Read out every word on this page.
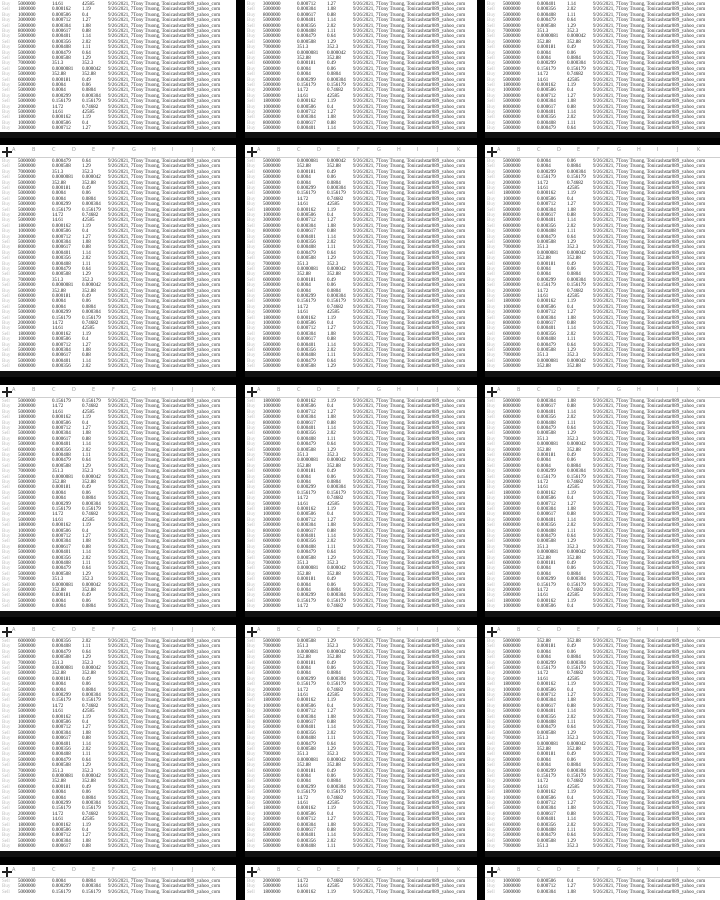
Buy 5000000	14.61	42585	9/26/2021, 7Tony Truong, Tonicashstar089_yahoo_com
Sell 1800000	0.000162 1.19	9/26/2021, 7Tony Truong, Tonicashstar089_yahoo_com
Buy 1000000	0.000506 0.4	9/26/2021, 7Tony Truong, Tonicashstar089_yahoo_com
Buy 3000000	0.000712 1.27	9/26/2021, 7Tony Truong, Tonicashstar089_yahoo_com
Sell 5000000	0.000304 1.08	9/26/2021, 7Tony Truong, Tonicashstar089_yahoo_com
Buy 8000000	0.000617 0.88	9/26/2021, 7Tony Truong, Tonicashstar089_yahoo_com
Buy 5000000	0.000401 1.14	9/26/2021, 7Tony Truong, Tonicashstar089_yahoo_com
Sell 6000000	0.000356 2.02	9/26/2021, 7Tony Truong, Tonicashstar089_yahoo_com
Buy 5000000	0.000408 1.11	9/26/2021, 7Tony Truong, Tonicashstar089_yahoo_com
Buy 5000000	0.000479 0.64	9/26/2021, 7Tony Truong, Tonicashstar089_yahoo_com
Sell 5000000	0.000508 1.29	9/26/2021, 7Tony Truong, Tonicashstar089_yahoo_com
Buy 7000000	351.3	352.3	9/26/2021, 7Tony Truong, Tonicashstar089_yahoo_com
Sell 5000000	0.0000081 0.000042 9/26/2021, 7Tony Truong, Tonicashstar089_yahoo_com
Buy 5000000	352.88	352.88 9/26/2021, 7Tony Truong, Tonicashstar089_yahoo_com
Sell 6000000	0.000181 0.49	9/26/2021, 7Tony Truong, Tonicashstar089_yahoo_com
Buy 5000000	0.0004	0.06	9/26/2021, 7Tony Truong, Tonicashstar089_yahoo_com
Sell 5000000	0.0004	0.0804 9/26/2021, 7Tony Truong, Tonicashstar089_yahoo_com
Buy 5000000	0.000299 0.000304 9/26/2021, 7Tony Truong, Tonicashstar089_yahoo_com
Sell 5000000	0.156179 0.156179 9/26/2021, 7Tony Truong, Tonicashstar089_yahoo_com
Buy 2000000	14.72	0.74682 9/26/2021, 7Tony Truong, Tonicashstar089_yahoo_com
Buy 5000000	14.61	42585	9/26/2021, 7Tony Truong, Tonicashstar089_yahoo_com
Sell 1800000	0.000162 1.19	9/26/2021, 7Tony Truong, Tonicashstar089_yahoo_com
Buy 1000000	0.000506 0.4	9/26/2021, 7Tony Truong, Tonicashstar089_yahoo_com
Buy 3000000	0.000712 1.27	9/26/2021, 7Tony Truong, Tonicashstar089_yahoo_com
Buy 3000000	0.000712 1.27	9/26/2021, 7Tony Truong, Tonicashstar089_yahoo_com
Sell 5000000	0.000304 1.08	9/26/2021, 7Tony Truong, Tonicashstar089_yahoo_com
Buy 8000000	0.000617 0.88	9/26/2021, 7Tony Truong, Tonicashstar089_yahoo_com
Buy 5000000	0.000401 1.14	9/26/2021, 7Tony Truong, Tonicashstar089_yahoo_com
Sell 6000000	0.000356 2.02	9/26/2021, 7Tony Truong, Tonicashstar089_yahoo_com
Buy 5000000	0.000408 1.11	9/26/2021, 7Tony Truong, Tonicashstar089_yahoo_com
Buy 5000000	0.000479 0.64	9/26/2021, 7Tony Truong, Tonicashstar089_yahoo_com
Sell 5000000	0.000508 1.29	9/26/2021, 7Tony Truong, Tonicashstar089_yahoo_com
Buy 7000000	351.3	352.3	9/26/2021, 7Tony Truong, Tonicashstar089_yahoo_com
Sell 5000000	0.0000081 0.000042 9/26/2021, 7Tony Truong, Tonicashstar089_yahoo_com
Buy 5000000	352.88	352.88 9/26/2021, 7Tony Truong, Tonicashstar089_yahoo_com
Sell 6000000	0.000181 0.49	9/26/2021, 7Tony Truong, Tonicashstar089_yahoo_com
Buy 5000000	0.0004	0.06	9/26/2021, 7Tony Truong, Tonicashstar089_yahoo_com
Sell 5000000	0.0004	0.0804 9/26/2021, 7Tony Truong, Tonicashstar089_yahoo_com
Buy 5000000	0.000299 0.000304 9/26/2021, 7Tony Truong, Tonicashstar089_yahoo_com
Sell 5000000	0.156179 0.156179 9/26/2021, 7Tony Truong, Tonicashstar089_yahoo_com
Buy 2000000	14.72	0.74682 9/26/2021, 7Tony Truong, Tonicashstar089_yahoo_com
Buy 5000000	14.61	42585	9/26/2021, 7Tony Truong, Tonicashstar089_yahoo_com
Sell 1800000	0.000162 1.19	9/26/2021, 7Tony Truong, Tonicashstar089_yahoo_com
Buy 1000000	0.000506 0.4	9/26/2021, 7Tony Truong, Tonicashstar089_yahoo_com
Buy 3000000	0.000712 1.27	9/26/2021, 7Tony Truong, Tonicashstar089_yahoo_com
Sell 5000000	0.000304 1.08	9/26/2021, 7Tony Truong, Tonicashstar089_yahoo_com
Buy 8000000	0.000617 0.88	9/26/2021, 7Tony Truong, Tonicashstar089_yahoo_com
Buy 5000000	0.000401 1.14	9/26/2021, 7Tony Truong, Tonicashstar089_yahoo_com
Buy 5000000	0.000401 1.14	9/26/2021, 7Tony Truong, Tonicashstar089_yahoo_com
Sell 6000000	0.000356 2.02	9/26/2021, 7Tony Truong, Tonicashstar089_yahoo_com
Buy 5000000	0.000408 1.11	9/26/2021, 7Tony Truong, Tonicashstar089_yahoo_com
Buy 5000000	0.000479 0.64	9/26/2021, 7Tony Truong, Tonicashstar089_yahoo_com
Sell 5000000	0.000508 1.29	9/26/2021, 7Tony Truong, Tonicashstar089_yahoo_com
Buy 7000000	351.3	352.3	9/26/2021, 7Tony Truong, Tonicashstar089_yahoo_com
Sell 5000000	0.0000081 0.000042 9/26/2021, 7Tony Truong, Tonicashstar089_yahoo_com
Buy 5000000	352.88	352.88 9/26/2021, 7Tony Truong, Tonicashstar089_yahoo_com
Sell 6000000	0.000181 0.49	9/26/2021, 7Tony Truong, Tonicashstar089_yahoo_com
Buy 5000000	0.0004	0.06	9/26/2021, 7Tony Truong, Tonicashstar089_yahoo_com
Sell 5000000	0.0004	0.0804 9/26/2021, 7Tony Truong, Tonicashstar089_yahoo_com
Buy 5000000	0.000299 0.000304 9/26/2021, 7Tony Truong, Tonicashstar089_yahoo_com
Sell 5000000	0.156179 0.156179 9/26/2021, 7Tony Truong, Tonicashstar089_yahoo_com
Buy 2000000	14.72	0.74682 9/26/2021, 7Tony Truong, Tonicashstar089_yahoo_com
Buy 5000000	14.61	42585	9/26/2021, 7Tony Truong, Tonicashstar089_yahoo_com
Sell 1800000	0.000162 1.19	9/26/2021, 7Tony Truong, Tonicashstar089_yahoo_com
Buy 1000000	0.000506 0.4	9/26/2021, 7Tony Truong, Tonicashstar089_yahoo_com
Buy 3000000	0.000712 1.27	9/26/2021, 7Tony Truong, Tonicashstar089_yahoo_com
Sell 5000000	0.000304 1.08	9/26/2021, 7Tony Truong, Tonicashstar089_yahoo_com
Buy 8000000	0.000617 0.88	9/26/2021, 7Tony Truong, Tonicashstar089_yahoo_com
Buy 5000000	0.000401 1.14	9/26/2021, 7Tony Truong, Tonicashstar089_yahoo_com
Sell 6000000	0.000356 2.02	9/26/2021, 7Tony Truong, Tonicashstar089_yahoo_com
Buy 5000000	0.000408 1.11	9/26/2021, 7Tony Truong, Tonicashstar089_yahoo_com
Buy 5000000	0.000479 0.64	9/26/2021, 7Tony Truong, Tonicashstar089_yahoo_com
A	B	C	D	E	F	G	H	I	J	K
Buy 5000000	0.000479 0.64	9/26/2021, 7Tony Truong, Tonicashstar089_yahoo_com
Sell 5000000	0.000508 1.29	9/26/2021, 7Tony Truong, Tonicashstar089_yahoo_com
Buy 7000000	351.3	352.3	9/26/2021, 7Tony Truong, Tonicashstar089_yahoo_com
Sell 5000000	0.0000081 0.000042 9/26/2021, 7Tony Truong, Tonicashstar089_yahoo_com
Buy 5000000	352.88	352.88 9/26/2021, 7Tony Truong, Tonicashstar089_yahoo_com
Sell 6000000	0.000181 0.49	9/26/2021, 7Tony Truong, Tonicashstar089_yahoo_com
Buy 5000000	0.0004	0.06	9/26/2021, 7Tony Truong, Tonicashstar089_yahoo_com
Sell 5000000	0.0004	0.0804 9/26/2021, 7Tony Truong, Tonicashstar089_yahoo_com
Buy 5000000	0.000299 0.000304 9/26/2021, 7Tony Truong, Tonicashstar089_yahoo_com
Sell 5000000	0.156179 0.156179 9/26/2021, 7Tony Truong, Tonicashstar089_yahoo_com
Buy 2000000	14.72	0.74682 9/26/2021, 7Tony Truong, Tonicashstar089_yahoo_com
Buy 5000000	14.61	42585	9/26/2021, 7Tony Truong, Tonicashstar089_yahoo_com
Sell 1800000	0.000162 1.19	9/26/2021, 7Tony Truong, Tonicashstar089_yahoo_com
Buy 1000000	0.000506 0.4	9/26/2021, 7Tony Truong, Tonicashstar089_yahoo_com
Buy 3000000	0.000712 1.27	9/26/2021, 7Tony Truong, Tonicashstar089_yahoo_com
Sell 5000000	0.000304 1.08	9/26/2021, 7Tony Truong, Tonicashstar089_yahoo_com
Buy 8000000	0.000617 0.88	9/26/2021, 7Tony Truong, Tonicashstar089_yahoo_com
Buy 5000000	0.000401 1.14	9/26/2021, 7Tony Truong, Tonicashstar089_yahoo_com
Sell 6000000	0.000356 2.02	9/26/2021, 7Tony Truong, Tonicashstar089_yahoo_com
Buy 5000000	0.000408 1.11	9/26/2021, 7Tony Truong, Tonicashstar089_yahoo_com
Buy 5000000	0.000479 0.64	9/26/2021, 7Tony Truong, Tonicashstar089_yahoo_com
Sell 5000000	0.000508 1.29	9/26/2021, 7Tony Truong, Tonicashstar089_yahoo_com
Buy 7000000	351.3	352.3	9/26/2021, 7Tony Truong, Tonicashstar089_yahoo_com
Sell 5000000	0.0000081 0.000042 9/26/2021, 7Tony Truong, Tonicashstar089_yahoo_com
Buy 5000000	352.88	352.88 9/26/2021, 7Tony Truong, Tonicashstar089_yahoo_com
Sell 6000000	0.000181 0.49	9/26/2021, 7Tony Truong, Tonicashstar089_yahoo_com
Buy 5000000	0.0004	0.06	9/26/2021, 7Tony Truong, Tonicashstar089_yahoo_com
Sell 5000000	0.0004	0.0804 9/26/2021, 7Tony Truong, Tonicashstar089_yahoo_com
Buy 5000000	0.000299 0.000304 9/26/2021, 7Tony Truong, Tonicashstar089_yahoo_com
Sell 5000000	0.156179 0.156179 9/26/2021, 7Tony Truong, Tonicashstar089_yahoo_com
Buy 2000000	14.72	0.74682 9/26/2021, 7Tony Truong, Tonicashstar089_yahoo_com
Buy 5000000	14.61	42585	9/26/2021, 7Tony Truong, Tonicashstar089_yahoo_com
Sell 1800000	0.000162 1.19	9/26/2021, 7Tony Truong, Tonicashstar089_yahoo_com
Buy 1000000	0.000506 0.4	9/26/2021, 7Tony Truong, Tonicashstar089_yahoo_com
Buy 3000000	0.000712 1.27	9/26/2021, 7Tony Truong, Tonicashstar089_yahoo_com
Sell 5000000	0.000304 1.08	9/26/2021, 7Tony Truong, Tonicashstar089_yahoo_com
Buy 8000000	0.000617 0.88	9/26/2021, 7Tony Truong, Tonicashstar089_yahoo_com
Buy 5000000	0.000401 1.14	9/26/2021, 7Tony Truong, Tonicashstar089_yahoo_com
Sell 6000000	0.000356 2.02	9/26/2021, 7Tony Truong, Tonicashstar089_yahoo_com
A	B	C	D	E	F	G	H	I	J	K
Sell 5000000	0.0000081 0.000042 9/26/2021, 7Tony Truong, Tonicashstar089_yahoo_com
Buy 5000000	352.88	352.88 9/26/2021, 7Tony Truong, Tonicashstar089_yahoo_com
Sell 6000000	0.000181 0.49	9/26/2021, 7Tony Truong, Tonicashstar089_yahoo_com
Buy 5000000	0.0004	0.06	9/26/2021, 7Tony Truong, Tonicashstar089_yahoo_com
Sell 5000000	0.0004	0.0804 9/26/2021, 7Tony Truong, Tonicashstar089_yahoo_com
Buy 5000000	0.000299 0.000304 9/26/2021, 7Tony Truong, Tonicashstar089_yahoo_com
Sell 5000000	0.156179 0.156179 9/26/2021, 7Tony Truong, Tonicashstar089_yahoo_com
Buy 2000000	14.72	0.74682 9/26/2021, 7Tony Truong, Tonicashstar089_yahoo_com
Buy 5000000	14.61	42585	9/26/2021, 7Tony Truong, Tonicashstar089_yahoo_com
Sell 1800000	0.000162 1.19	9/26/2021, 7Tony Truong, Tonicashstar089_yahoo_com
Buy 1000000	0.000506 0.4	9/26/2021, 7Tony Truong, Tonicashstar089_yahoo_com
Buy 3000000	0.000712 1.27	9/26/2021, 7Tony Truong, Tonicashstar089_yahoo_com
Sell 5000000	0.000304 1.08	9/26/2021, 7Tony Truong, Tonicashstar089_yahoo_com
Buy 8000000	0.000617 0.88	9/26/2021, 7Tony Truong, Tonicashstar089_yahoo_com
Buy 5000000	0.000401 1.14	9/26/2021, 7Tony Truong, Tonicashstar089_yahoo_com
Sell 6000000	0.000356 2.02	9/26/2021, 7Tony Truong, Tonicashstar089_yahoo_com
Buy 5000000	0.000408 1.11	9/26/2021, 7Tony Truong, Tonicashstar089_yahoo_com
Buy 5000000	0.000479 0.64	9/26/2021, 7Tony Truong, Tonicashstar089_yahoo_com
Sell 5000000	0.000508 1.29	9/26/2021, 7Tony Truong, Tonicashstar089_yahoo_com
Buy 7000000	351.3	352.3	9/26/2021, 7Tony Truong, Tonicashstar089_yahoo_com
Sell 5000000	0.0000081 0.000042 9/26/2021, 7Tony Truong, Tonicashstar089_yahoo_com
Buy 5000000	352.88	352.88 9/26/2021, 7Tony Truong, Tonicashstar089_yahoo_com
Sell 6000000	0.000181 0.49	9/26/2021, 7Tony Truong, Tonicashstar089_yahoo_com
Buy 5000000	0.0004	0.06	9/26/2021, 7Tony Truong, Tonicashstar089_yahoo_com
Sell 5000000	0.0004	0.0804 9/26/2021, 7Tony Truong, Tonicashstar089_yahoo_com
Buy 5000000	0.000299 0.000304 9/26/2021, 7Tony Truong, Tonicashstar089_yahoo_com
Sell 5000000	0.156179 0.156179 9/26/2021, 7Tony Truong, Tonicashstar089_yahoo_com
Buy 2000000	14.72	0.74682 9/26/2021, 7Tony Truong, Tonicashstar089_yahoo_com
Buy 5000000	14.61	42585	9/26/2021, 7Tony Truong, Tonicashstar089_yahoo_com
Sell 1800000	0.000162 1.19	9/26/2021, 7Tony Truong, Tonicashstar089_yahoo_com
Buy 1000000	0.000506 0.4	9/26/2021, 7Tony Truong, Tonicashstar089_yahoo_com
Buy 3000000	0.000712 1.27	9/26/2021, 7Tony Truong, Tonicashstar089_yahoo_com
Sell 5000000	0.000304 1.08	9/26/2021, 7Tony Truong, Tonicashstar089_yahoo_com
Buy 8000000	0.000617 0.88	9/26/2021, 7Tony Truong, Tonicashstar089_yahoo_com
Buy 5000000	0.000401 1.14	9/26/2021, 7Tony Truong, Tonicashstar089_yahoo_com
Sell 6000000	0.000356 2.02	9/26/2021, 7Tony Truong, Tonicashstar089_yahoo_com
Buy 5000000	0.000408 1.11	9/26/2021, 7Tony Truong, Tonicashstar089_yahoo_com
Buy 5000000	0.000479 0.64	9/26/2021, 7Tony Truong, Tonicashstar089_yahoo_com
Sell 5000000	0.000508 1.29	9/26/2021, 7Tony Truong, Tonicashstar089_yahoo_com
A	B	C	D	E	F	G	H	I	J	K
Buy 5000000	0.0004	0.06	9/26/2021, 7Tony Truong, Tonicashstar089_yahoo_com
Sell 5000000	0.0004	0.0804 9/26/2021, 7Tony Truong, Tonicashstar089_yahoo_com
Buy 5000000	0.000299 0.000304 9/26/2021, 7Tony Truong, Tonicashstar089_yahoo_com
Sell 5000000	0.156179 0.156179 9/26/2021, 7Tony Truong, Tonicashstar089_yahoo_com
Buy 2000000	14.72	0.74682 9/26/2021, 7Tony Truong, Tonicashstar089_yahoo_com
Buy 5000000	14.61	42585	9/26/2021, 7Tony Truong, Tonicashstar089_yahoo_com
Sell 1800000	0.000162 1.19	9/26/2021, 7Tony Truong, Tonicashstar089_yahoo_com
Buy 1000000	0.000506 0.4	9/26/2021, 7Tony Truong, Tonicashstar089_yahoo_com
Buy 3000000	0.000712 1.27	9/26/2021, 7Tony Truong, Tonicashstar089_yahoo_com
Sell 5000000	0.000304 1.08	9/26/2021, 7Tony Truong, Tonicashstar089_yahoo_com
Buy 8000000	0.000617 0.88	9/26/2021, 7Tony Truong, Tonicashstar089_yahoo_com
Buy 5000000	0.000401 1.14	9/26/2021, 7Tony Truong, Tonicashstar089_yahoo_com
Sell 6000000	0.000356 2.02	9/26/2021, 7Tony Truong, Tonicashstar089_yahoo_com
Buy 5000000	0.000408 1.11	9/26/2021, 7Tony Truong, Tonicashstar089_yahoo_com
Buy 5000000	0.000479 0.64	9/26/2021, 7Tony Truong, Tonicashstar089_yahoo_com
Sell 5000000	0.000508 1.29	9/26/2021, 7Tony Truong, Tonicashstar089_yahoo_com
Buy 7000000	351.3	352.3	9/26/2021, 7Tony Truong, Tonicashstar089_yahoo_com
Sell 5000000	0.0000081 0.000042 9/26/2021, 7Tony Truong, Tonicashstar089_yahoo_com
Buy 5000000	352.88	352.88 9/26/2021, 7Tony Truong, Tonicashstar089_yahoo_com
Sell 6000000	0.000181 0.49	9/26/2021, 7Tony Truong, Tonicashstar089_yahoo_com
Buy 5000000	0.0004	0.06	9/26/2021, 7Tony Truong, Tonicashstar089_yahoo_com
Sell 5000000	0.0004	0.0804 9/26/2021, 7Tony Truong, Tonicashstar089_yahoo_com
Buy 5000000	0.000299 0.000304 9/26/2021, 7Tony Truong, Tonicashstar089_yahoo_com
Sell 5000000	0.156179 0.156179 9/26/2021, 7Tony Truong, Tonicashstar089_yahoo_com
Buy 2000000	14.72	0.74682 9/26/2021, 7Tony Truong, Tonicashstar089_yahoo_com
Buy 5000000	14.61	42585	9/26/2021, 7Tony Truong, Tonicashstar089_yahoo_com
Sell 1800000	0.000162 1.19	9/26/2021, 7Tony Truong, Tonicashstar089_yahoo_com
Buy 1000000	0.000506 0.4	9/26/2021, 7Tony Truong, Tonicashstar089_yahoo_com
Buy 3000000	0.000712 1.27	9/26/2021, 7Tony Truong, Tonicashstar089_yahoo_com
Sell 5000000	0.000304 1.08	9/26/2021, 7Tony Truong, Tonicashstar089_yahoo_com
Buy 8000000	0.000617 0.88	9/26/2021, 7Tony Truong, Tonicashstar089_yahoo_com
Buy 5000000	0.000401 1.14	9/26/2021, 7Tony Truong, Tonicashstar089_yahoo_com
Sell 6000000	0.000356 2.02	9/26/2021, 7Tony Truong, Tonicashstar089_yahoo_com
Buy 5000000	0.000408 1.11	9/26/2021, 7Tony Truong, Tonicashstar089_yahoo_com
Buy 5000000	0.000479 0.64	9/26/2021, 7Tony Truong, Tonicashstar089_yahoo_com
Sell 5000000	0.000508 1.29	9/26/2021, 7Tony Truong, Tonicashstar089_yahoo_com
Buy 7000000	351.3	352.3	9/26/2021, 7Tony Truong, Tonicashstar089_yahoo_com
Sell 5000000	0.0000081 0.000042 9/26/2021, 7Tony Truong, Tonicashstar089_yahoo_com
Buy 5000000	352.88	352.88 9/26/2021, 7Tony Truong, Tonicashstar089_yahoo_com
A	B	C	D	E	F	G	H	I	J	K
Sell 5000000	0.156179 0.156179 9/26/2021, 7Tony Truong, Tonicashstar089_yahoo_com
Buy 2000000	14.72	0.74682 9/26/2021, 7Tony Truong, Tonicashstar089_yahoo_com
Buy 5000000	14.61	42585	9/26/2021, 7Tony Truong, Tonicashstar089_yahoo_com
Sell 1800000	0.000162 1.19	9/26/2021, 7Tony Truong, Tonicashstar089_yahoo_com
Buy 1000000	0.000506 0.4	9/26/2021, 7Tony Truong, Tonicashstar089_yahoo_com
Buy 3000000	0.000712 1.27	9/26/2021, 7Tony Truong, Tonicashstar089_yahoo_com
Sell 5000000	0.000304 1.08	9/26/2021, 7Tony Truong, Tonicashstar089_yahoo_com
Buy 8000000	0.000617 0.88	9/26/2021, 7Tony Truong, Tonicashstar089_yahoo_com
Buy 5000000	0.000401 1.14	9/26/2021, 7Tony Truong, Tonicashstar089_yahoo_com
Sell 6000000	0.000356 2.02	9/26/2021, 7Tony Truong, Tonicashstar089_yahoo_com
Buy 5000000	0.000408 1.11	9/26/2021, 7Tony Truong, Tonicashstar089_yahoo_com
Buy 5000000	0.000479 0.64	9/26/2021, 7Tony Truong, Tonicashstar089_yahoo_com
Sell 5000000	0.000508 1.29	9/26/2021, 7Tony Truong, Tonicashstar089_yahoo_com
Buy 7000000	351.3	352.3	9/26/2021, 7Tony Truong, Tonicashstar089_yahoo_com
Sell 5000000	0.0000081 0.000042 9/26/2021, 7Tony Truong, Tonicashstar089_yahoo_com
Buy 5000000	352.88	352.88 9/26/2021, 7Tony Truong, Tonicashstar089_yahoo_com
Sell 6000000	0.000181 0.49	9/26/2021, 7Tony Truong, Tonicashstar089_yahoo_com
Buy 5000000	0.0004	0.06	9/26/2021, 7Tony Truong, Tonicashstar089_yahoo_com
Sell 5000000	0.0004	0.0804 9/26/2021, 7Tony Truong, Tonicashstar089_yahoo_com
Buy 5000000	0.000299 0.000304 9/26/2021, 7Tony Truong, Tonicashstar089_yahoo_com
Sell 5000000	0.156179 0.156179 9/26/2021, 7Tony Truong, Tonicashstar089_yahoo_com
Buy 2000000	14.72	0.74682 9/26/2021, 7Tony Truong, Tonicashstar089_yahoo_com
Buy 5000000	14.61	42585	9/26/2021, 7Tony Truong, Tonicashstar089_yahoo_com
Sell 1800000	0.000162 1.19	9/26/2021, 7Tony Truong, Tonicashstar089_yahoo_com
Buy 1000000	0.000506 0.4	9/26/2021, 7Tony Truong, Tonicashstar089_yahoo_com
Buy 3000000	0.000712 1.27	9/26/2021, 7Tony Truong, Tonicashstar089_yahoo_com
Sell 5000000	0.000304 1.08	9/26/2021, 7Tony Truong, Tonicashstar089_yahoo_com
Buy 8000000	0.000617 0.88	9/26/2021, 7Tony Truong, Tonicashstar089_yahoo_com
Buy 5000000	0.000401 1.14	9/26/2021, 7Tony Truong, Tonicashstar089_yahoo_com
Sell 6000000	0.000356 2.02	9/26/2021, 7Tony Truong, Tonicashstar089_yahoo_com
Buy 5000000	0.000408 1.11	9/26/2021, 7Tony Truong, Tonicashstar089_yahoo_com
Buy 5000000	0.000479 0.64	9/26/2021, 7Tony Truong, Tonicashstar089_yahoo_com
Sell 5000000	0.000508 1.29	9/26/2021, 7Tony Truong, Tonicashstar089_yahoo_com
Buy 7000000	351.3	352.3	9/26/2021, 7Tony Truong, Tonicashstar089_yahoo_com
Sell 5000000	0.0000081 0.000042 9/26/2021, 7Tony Truong, Tonicashstar089_yahoo_com
Buy 5000000	352.88	352.88 9/26/2021, 7Tony Truong, Tonicashstar089_yahoo_com
Sell 6000000	0.000181 0.49	9/26/2021, 7Tony Truong, Tonicashstar089_yahoo_com
Buy 5000000	0.0004	0.06	9/26/2021, 7Tony Truong, Tonicashstar089_yahoo_com
Sell 5000000	0.0004	0.0804 9/26/2021, 7Tony Truong, Tonicashstar089_yahoo_com
A	B	C	D	E	F	G	H	I	J	K
Sell 1800000	0.000162 1.19	9/26/2021, 7Tony Truong, Tonicashstar089_yahoo_com
Buy 1000000	0.000506 0.4	9/26/2021, 7Tony Truong, Tonicashstar089_yahoo_com
Buy 3000000	0.000712 1.27	9/26/2021, 7Tony Truong, Tonicashstar089_yahoo_com
Sell 5000000	0.000304 1.08	9/26/2021, 7Tony Truong, Tonicashstar089_yahoo_com
Buy 8000000	0.000617 0.88	9/26/2021, 7Tony Truong, Tonicashstar089_yahoo_com
Buy 5000000	0.000401 1.14	9/26/2021, 7Tony Truong, Tonicashstar089_yahoo_com
Sell 6000000	0.000356 2.02	9/26/2021, 7Tony Truong, Tonicashstar089_yahoo_com
Buy 5000000	0.000408 1.11	9/26/2021, 7Tony Truong, Tonicashstar089_yahoo_com
Buy 5000000	0.000479 0.64	9/26/2021, 7Tony Truong, Tonicashstar089_yahoo_com
Sell 5000000	0.000508 1.29	9/26/2021, 7Tony Truong, Tonicashstar089_yahoo_com
Buy 7000000	351.3	352.3	9/26/2021, 7Tony Truong, Tonicashstar089_yahoo_com
Sell 5000000	0.0000081 0.000042 9/26/2021, 7Tony Truong, Tonicashstar089_yahoo_com
Buy 5000000	352.88	352.88 9/26/2021, 7Tony Truong, Tonicashstar089_yahoo_com
Sell 6000000	0.000181 0.49	9/26/2021, 7Tony Truong, Tonicashstar089_yahoo_com
Buy 5000000	0.0004	0.06	9/26/2021, 7Tony Truong, Tonicashstar089_yahoo_com
Sell 5000000	0.0004	0.0804 9/26/2021, 7Tony Truong, Tonicashstar089_yahoo_com
Buy 5000000	0.000299 0.000304 9/26/2021, 7Tony Truong, Tonicashstar089_yahoo_com
Sell 5000000	0.156179 0.156179 9/26/2021, 7Tony Truong, Tonicashstar089_yahoo_com
Buy 2000000	14.72	0.74682 9/26/2021, 7Tony Truong, Tonicashstar089_yahoo_com
Buy 5000000	14.61	42585	9/26/2021, 7Tony Truong, Tonicashstar089_yahoo_com
Sell 1800000	0.000162 1.19	9/26/2021, 7Tony Truong, Tonicashstar089_yahoo_com
Buy 1000000	0.000506 0.4	9/26/2021, 7Tony Truong, Tonicashstar089_yahoo_com
Buy 3000000	0.000712 1.27	9/26/2021, 7Tony Truong, Tonicashstar089_yahoo_com
Sell 5000000	0.000304 1.08	9/26/2021, 7Tony Truong, Tonicashstar089_yahoo_com
Buy 8000000	0.000617 0.88	9/26/2021, 7Tony Truong, Tonicashstar089_yahoo_com
Buy 5000000	0.000401 1.14	9/26/2021, 7Tony Truong, Tonicashstar089_yahoo_com
Sell 6000000	0.000356 2.02	9/26/2021, 7Tony Truong, Tonicashstar089_yahoo_com
Buy 5000000	0.000408 1.11	9/26/2021, 7Tony Truong, Tonicashstar089_yahoo_com
Buy 5000000	0.000479 0.64	9/26/2021, 7Tony Truong, Tonicashstar089_yahoo_com
Sell 5000000	0.000508 1.29	9/26/2021, 7Tony Truong, Tonicashstar089_yahoo_com
Buy 7000000	351.3	352.3	9/26/2021, 7Tony Truong, Tonicashstar089_yahoo_com
Sell 5000000	0.0000081 0.000042 9/26/2021, 7Tony Truong, Tonicashstar089_yahoo_com
Buy 5000000	352.88	352.88 9/26/2021, 7Tony Truong, Tonicashstar089_yahoo_com
Sell 6000000	0.000181 0.49	9/26/2021, 7Tony Truong, Tonicashstar089_yahoo_com
Buy 5000000	0.0004	0.06	9/26/2021, 7Tony Truong, Tonicashstar089_yahoo_com
Sell 5000000	0.0004	0.0804 9/26/2021, 7Tony Truong, Tonicashstar089_yahoo_com
Buy 5000000	0.000299 0.000304 9/26/2021, 7Tony Truong, Tonicashstar089_yahoo_com
Sell 5000000	0.156179 0.156179 9/26/2021, 7Tony Truong, Tonicashstar089_yahoo_com
Buy 2000000	14.72	0.74682 9/26/2021, 7Tony Truong, Tonicashstar089_yahoo_com
A	B	C	D	E	F	G	H	I	J	K
Sell 5000000	0.000304 1.08	9/26/2021, 7Tony Truong, Tonicashstar089_yahoo_com
Buy 8000000	0.000617 0.88	9/26/2021, 7Tony Truong, Tonicashstar089_yahoo_com
Buy 5000000	0.000401 1.14	9/26/2021, 7Tony Truong, Tonicashstar089_yahoo_com
Sell 6000000	0.000356 2.02	9/26/2021, 7Tony Truong, Tonicashstar089_yahoo_com
Buy 5000000	0.000408 1.11	9/26/2021, 7Tony Truong, Tonicashstar089_yahoo_com
Buy 5000000	0.000479 0.64	9/26/2021, 7Tony Truong, Tonicashstar089_yahoo_com
Sell 5000000	0.000508 1.29	9/26/2021, 7Tony Truong, Tonicashstar089_yahoo_com
Buy 7000000	351.3	352.3	9/26/2021, 7Tony Truong, Tonicashstar089_yahoo_com
Sell 5000000	0.0000081 0.000042 9/26/2021, 7Tony Truong, Tonicashstar089_yahoo_com
Buy 5000000	352.88	352.88 9/26/2021, 7Tony Truong, Tonicashstar089_yahoo_com
Sell 6000000	0.000181 0.49	9/26/2021, 7Tony Truong, Tonicashstar089_yahoo_com
Buy 5000000	0.0004	0.06	9/26/2021, 7Tony Truong, Tonicashstar089_yahoo_com
Sell 5000000	0.0004	0.0804 9/26/2021, 7Tony Truong, Tonicashstar089_yahoo_com
Buy 5000000	0.000299 0.000304 9/26/2021, 7Tony Truong, Tonicashstar089_yahoo_com
Sell 5000000	0.156179 0.156179 9/26/2021, 7Tony Truong, Tonicashstar089_yahoo_com
Buy 2000000	14.72	0.74682 9/26/2021, 7Tony Truong, Tonicashstar089_yahoo_com
Buy 5000000	14.61	42585	9/26/2021, 7Tony Truong, Tonicashstar089_yahoo_com
Sell 1800000	0.000162 1.19	9/26/2021, 7Tony Truong, Tonicashstar089_yahoo_com
Buy 1000000	0.000506 0.4	9/26/2021, 7Tony Truong, Tonicashstar089_yahoo_com
Buy 3000000	0.000712 1.27	9/26/2021, 7Tony Truong, Tonicashstar089_yahoo_com
Sell 5000000	0.000304 1.08	9/26/2021, 7Tony Truong, Tonicashstar089_yahoo_com
Buy 8000000	0.000617 0.88	9/26/2021, 7Tony Truong, Tonicashstar089_yahoo_com
Buy 5000000	0.000401 1.14	9/26/2021, 7Tony Truong, Tonicashstar089_yahoo_com
Sell 6000000	0.000356 2.02	9/26/2021, 7Tony Truong, Tonicashstar089_yahoo_com
Buy 5000000	0.000408 1.11	9/26/2021, 7Tony Truong, Tonicashstar089_yahoo_com
Buy 5000000	0.000479 0.64	9/26/2021, 7Tony Truong, Tonicashstar089_yahoo_com
Sell 5000000	0.000508 1.29	9/26/2021, 7Tony Truong, Tonicashstar089_yahoo_com
Buy 7000000	351.3	352.3	9/26/2021, 7Tony Truong, Tonicashstar089_yahoo_com
Sell 5000000	0.0000081 0.000042 9/26/2021, 7Tony Truong, Tonicashstar089_yahoo_com
Buy 5000000	352.88	352.88 9/26/2021, 7Tony Truong, Tonicashstar089_yahoo_com
Sell 6000000	0.000181 0.49	9/26/2021, 7Tony Truong, Tonicashstar089_yahoo_com
Buy 5000000	0.0004	0.06	9/26/2021, 7Tony Truong, Tonicashstar089_yahoo_com
Sell 5000000	0.0004	0.0804 9/26/2021, 7Tony Truong, Tonicashstar089_yahoo_com
Buy 5000000	0.000299 0.000304 9/26/2021, 7Tony Truong, Tonicashstar089_yahoo_com
Sell 5000000	0.156179 0.156179 9/26/2021, 7Tony Truong, Tonicashstar089_yahoo_com
Buy 2000000	14.72	0.74682 9/26/2021, 7Tony Truong, Tonicashstar089_yahoo_com
Buy 5000000	14.61	42585	9/26/2021, 7Tony Truong, Tonicashstar089_yahoo_com
Sell 1800000	0.000162 1.19	9/26/2021, 7Tony Truong, Tonicashstar089_yahoo_com
Buy 1000000	0.000506 0.4	9/26/2021, 7Tony Truong, Tonicashstar089_yahoo_com
A	B	C	D	E	F	G	H	I	J	K
Sell 6000000	0.000356 2.02	9/26/2021, 7Tony Truong, Tonicashstar089_yahoo_com
Buy 5000000	0.000408 1.11	9/26/2021, 7Tony Truong, Tonicashstar089_yahoo_com
Buy 5000000	0.000479 0.64	9/26/2021, 7Tony Truong, Tonicashstar089_yahoo_com
Sell 5000000	0.000508 1.29	9/26/2021, 7Tony Truong, Tonicashstar089_yahoo_com
Buy 7000000	351.3	352.3	9/26/2021, 7Tony Truong, Tonicashstar089_yahoo_com
Sell 5000000	0.0000081 0.000042 9/26/2021, 7Tony Truong, Tonicashstar089_yahoo_com
Buy 5000000	352.88	352.88 9/26/2021, 7Tony Truong, Tonicashstar089_yahoo_com
Sell 6000000	0.000181 0.49	9/26/2021, 7Tony Truong, Tonicashstar089_yahoo_com
Buy 5000000	0.0004	0.06	9/26/2021, 7Tony Truong, Tonicashstar089_yahoo_com
Sell 5000000	0.0004	0.0804 9/26/2021, 7Tony Truong, Tonicashstar089_yahoo_com
Buy 5000000	0.000299 0.000304 9/26/2021, 7Tony Truong, Tonicashstar089_yahoo_com
Sell 5000000	0.156179 0.156179 9/26/2021, 7Tony Truong, Tonicashstar089_yahoo_com
Buy 2000000	14.72	0.74682 9/26/2021, 7Tony Truong, Tonicashstar089_yahoo_com
Buy 5000000	14.61	42585	9/26/2021, 7Tony Truong, Tonicashstar089_yahoo_com
Sell 1800000	0.000162 1.19	9/26/2021, 7Tony Truong, Tonicashstar089_yahoo_com
Buy 1000000	0.000506 0.4	9/26/2021, 7Tony Truong, Tonicashstar089_yahoo_com
Buy 3000000	0.000712 1.27	9/26/2021, 7Tony Truong, Tonicashstar089_yahoo_com
Sell 5000000	0.000304 1.08	9/26/2021, 7Tony Truong, Tonicashstar089_yahoo_com
Buy 8000000	0.000617 0.88	9/26/2021, 7Tony Truong, Tonicashstar089_yahoo_com
Buy 5000000	0.000401 1.14	9/26/2021, 7Tony Truong, Tonicashstar089_yahoo_com
Sell 6000000	0.000356 2.02	9/26/2021, 7Tony Truong, Tonicashstar089_yahoo_com
Buy 5000000	0.000408 1.11	9/26/2021, 7Tony Truong, Tonicashstar089_yahoo_com
Buy 5000000	0.000479 0.64	9/26/2021, 7Tony Truong, Tonicashstar089_yahoo_com
Sell 5000000	0.000508 1.29	9/26/2021, 7Tony Truong, Tonicashstar089_yahoo_com
Buy 7000000	351.3	352.3	9/26/2021, 7Tony Truong, Tonicashstar089_yahoo_com
Sell 5000000	0.0000081 0.000042 9/26/2021, 7Tony Truong, Tonicashstar089_yahoo_com
Buy 5000000	352.88	352.88 9/26/2021, 7Tony Truong, Tonicashstar089_yahoo_com
Sell 6000000	0.000181 0.49	9/26/2021, 7Tony Truong, Tonicashstar089_yahoo_com
Buy 5000000	0.0004	0.06	9/26/2021, 7Tony Truong, Tonicashstar089_yahoo_com
Sell 5000000	0.0004	0.0804 9/26/2021, 7Tony Truong, Tonicashstar089_yahoo_com
Buy 5000000	0.000299 0.000304 9/26/2021, 7Tony Truong, Tonicashstar089_yahoo_com
Sell 5000000	0.156179 0.156179 9/26/2021, 7Tony Truong, Tonicashstar089_yahoo_com
Buy 2000000	14.72	0.74682 9/26/2021, 7Tony Truong, Tonicashstar089_yahoo_com
Buy 5000000	14.61	42585	9/26/2021, 7Tony Truong, Tonicashstar089_yahoo_com
Sell 1800000	0.000162 1.19	9/26/2021, 7Tony Truong, Tonicashstar089_yahoo_com
Buy 1000000	0.000506 0.4	9/26/2021, 7Tony Truong, Tonicashstar089_yahoo_com
Buy 3000000	0.000712 1.27	9/26/2021, 7Tony Truong, Tonicashstar089_yahoo_com
Sell 5000000	0.000304 1.08	9/26/2021, 7Tony Truong, Tonicashstar089_yahoo_com
Buy 8000000	0.000617 0.88	9/26/2021, 7Tony Truong, Tonicashstar089_yahoo_com
A	B	C	D	E	F	G	H	I	J	K
Sell 5000000	0.000508 1.29	9/26/2021, 7Tony Truong, Tonicashstar089_yahoo_com
Buy 7000000	351.3	352.3	9/26/2021, 7Tony Truong, Tonicashstar089_yahoo_com
Sell 5000000	0.0000081 0.000042 9/26/2021, 7Tony Truong, Tonicashstar089_yahoo_com
Buy 5000000	352.88	352.88 9/26/2021, 7Tony Truong, Tonicashstar089_yahoo_com
Sell 6000000	0.000181 0.49	9/26/2021, 7Tony Truong, Tonicashstar089_yahoo_com
Buy 5000000	0.0004	0.06	9/26/2021, 7Tony Truong, Tonicashstar089_yahoo_com
Sell 5000000	0.0004	0.0804 9/26/2021, 7Tony Truong, Tonicashstar089_yahoo_com
Buy 5000000	0.000299 0.000304 9/26/2021, 7Tony Truong, Tonicashstar089_yahoo_com
Sell 5000000	0.156179 0.156179 9/26/2021, 7Tony Truong, Tonicashstar089_yahoo_com
Buy 2000000	14.72	0.74682 9/26/2021, 7Tony Truong, Tonicashstar089_yahoo_com
Buy 5000000	14.61	42585	9/26/2021, 7Tony Truong, Tonicashstar089_yahoo_com
Sell 1800000	0.000162 1.19	9/26/2021, 7Tony Truong, Tonicashstar089_yahoo_com
Buy 1000000	0.000506 0.4	9/26/2021, 7Tony Truong, Tonicashstar089_yahoo_com
Buy 3000000	0.000712 1.27	9/26/2021, 7Tony Truong, Tonicashstar089_yahoo_com
Sell 5000000	0.000304 1.08	9/26/2021, 7Tony Truong, Tonicashstar089_yahoo_com
Buy 8000000	0.000617 0.88	9/26/2021, 7Tony Truong, Tonicashstar089_yahoo_com
Buy 5000000	0.000401 1.14	9/26/2021, 7Tony Truong, Tonicashstar089_yahoo_com
Sell 6000000	0.000356 2.02	9/26/2021, 7Tony Truong, Tonicashstar089_yahoo_com
Buy 5000000	0.000408 1.11	9/26/2021, 7Tony Truong, Tonicashstar089_yahoo_com
Buy 5000000	0.000479 0.64	9/26/2021, 7Tony Truong, Tonicashstar089_yahoo_com
Sell 5000000	0.000508 1.29	9/26/2021, 7Tony Truong, Tonicashstar089_yahoo_com
Buy 7000000	351.3	352.3	9/26/2021, 7Tony Truong, Tonicashstar089_yahoo_com
Sell 5000000	0.0000081 0.000042 9/26/2021, 7Tony Truong, Tonicashstar089_yahoo_com
Buy 5000000	352.88	352.88 9/26/2021, 7Tony Truong, Tonicashstar089_yahoo_com
Sell 6000000	0.000181 0.49	9/26/2021, 7Tony Truong, Tonicashstar089_yahoo_com
Buy 5000000	0.0004	0.06	9/26/2021, 7Tony Truong, Tonicashstar089_yahoo_com
Sell 5000000	0.0004	0.0804 9/26/2021, 7Tony Truong, Tonicashstar089_yahoo_com
Buy 5000000	0.000299 0.000304 9/26/2021, 7Tony Truong, Tonicashstar089_yahoo_com
Sell 5000000	0.156179 0.156179 9/26/2021, 7Tony Truong, Tonicashstar089_yahoo_com
Buy 2000000	14.72	0.74682 9/26/2021, 7Tony Truong, Tonicashstar089_yahoo_com
Buy 5000000	14.61	42585	9/26/2021, 7Tony Truong, Tonicashstar089_yahoo_com
Sell 1800000	0.000162 1.19	9/26/2021, 7Tony Truong, Tonicashstar089_yahoo_com
Buy 1000000	0.000506 0.4	9/26/2021, 7Tony Truong, Tonicashstar089_yahoo_com
Buy 3000000	0.000712 1.27	9/26/2021, 7Tony Truong, Tonicashstar089_yahoo_com
Sell 5000000	0.000304 1.08	9/26/2021, 7Tony Truong, Tonicashstar089_yahoo_com
Buy 8000000	0.000617 0.88	9/26/2021, 7Tony Truong, Tonicashstar089_yahoo_com
Buy 5000000	0.000401 1.14	9/26/2021, 7Tony Truong, Tonicashstar089_yahoo_com
Sell 6000000	0.000356 2.02	9/26/2021, 7Tony Truong, Tonicashstar089_yahoo_com
Buy 5000000	0.000408 1.11	9/26/2021, 7Tony Truong, Tonicashstar089_yahoo_com
A	B	C	D	E	F	G	H	I	J	K
Buy 5000000	352.88	352.88 9/26/2021, 7Tony Truong, Tonicashstar089_yahoo_com
Sell 6000000	0.000181 0.49	9/26/2021, 7Tony Truong, Tonicashstar089_yahoo_com
Buy 5000000	0.0004	0.06	9/26/2021, 7Tony Truong, Tonicashstar089_yahoo_com
Sell 5000000	0.0004	0.0804 9/26/2021, 7Tony Truong, Tonicashstar089_yahoo_com
Buy 5000000	0.000299 0.000304 9/26/2021, 7Tony Truong, Tonicashstar089_yahoo_com
Sell 5000000	0.156179 0.156179 9/26/2021, 7Tony Truong, Tonicashstar089_yahoo_com
Buy 2000000	14.72	0.74682 9/26/2021, 7Tony Truong, Tonicashstar089_yahoo_com
Buy 5000000	14.61	42585	9/26/2021, 7Tony Truong, Tonicashstar089_yahoo_com
Sell 1800000	0.000162 1.19	9/26/2021, 7Tony Truong, Tonicashstar089_yahoo_com
Buy 1000000	0.000506 0.4	9/26/2021, 7Tony Truong, Tonicashstar089_yahoo_com
Buy 3000000	0.000712 1.27	9/26/2021, 7Tony Truong, Tonicashstar089_yahoo_com
Sell 5000000	0.000304 1.08	9/26/2021, 7Tony Truong, Tonicashstar089_yahoo_com
Buy 8000000	0.000617 0.88	9/26/2021, 7Tony Truong, Tonicashstar089_yahoo_com
Buy 5000000	0.000401 1.14	9/26/2021, 7Tony Truong, Tonicashstar089_yahoo_com
Sell 6000000	0.000356 2.02	9/26/2021, 7Tony Truong, Tonicashstar089_yahoo_com
Buy 5000000	0.000408 1.11	9/26/2021, 7Tony Truong, Tonicashstar089_yahoo_com
Buy 5000000	0.000479 0.64	9/26/2021, 7Tony Truong, Tonicashstar089_yahoo_com
Sell 5000000	0.000508 1.29	9/26/2021, 7Tony Truong, Tonicashstar089_yahoo_com
Buy 7000000	351.3	352.3	9/26/2021, 7Tony Truong, Tonicashstar089_yahoo_com
Sell 5000000	0.0000081 0.000042 9/26/2021, 7Tony Truong, Tonicashstar089_yahoo_com
Buy 5000000	352.88	352.88 9/26/2021, 7Tony Truong, Tonicashstar089_yahoo_com
Sell 6000000	0.000181 0.49	9/26/2021, 7Tony Truong, Tonicashstar089_yahoo_com
Buy 5000000	0.0004	0.06	9/26/2021, 7Tony Truong, Tonicashstar089_yahoo_com
Sell 5000000	0.0004	0.0804 9/26/2021, 7Tony Truong, Tonicashstar089_yahoo_com
Buy 5000000	0.000299 0.000304 9/26/2021, 7Tony Truong, Tonicashstar089_yahoo_com
Sell 5000000	0.156179 0.156179 9/26/2021, 7Tony Truong, Tonicashstar089_yahoo_com
Buy 2000000	14.72	0.74682 9/26/2021, 7Tony Truong, Tonicashstar089_yahoo_com
Buy 5000000	14.61	42585	9/26/2021, 7Tony Truong, Tonicashstar089_yahoo_com
Sell 1800000	0.000162 1.19	9/26/2021, 7Tony Truong, Tonicashstar089_yahoo_com
Buy 1000000	0.000506 0.4	9/26/2021, 7Tony Truong, Tonicashstar089_yahoo_com
Buy 3000000	0.000712 1.27	9/26/2021, 7Tony Truong, Tonicashstar089_yahoo_com
Sell 5000000	0.000304 1.08	9/26/2021, 7Tony Truong, Tonicashstar089_yahoo_com
Buy 8000000	0.000617 0.88	9/26/2021, 7Tony Truong, Tonicashstar089_yahoo_com
Buy 5000000	0.000401 1.14	9/26/2021, 7Tony Truong, Tonicashstar089_yahoo_com
Sell 6000000	0.000356 2.02	9/26/2021, 7Tony Truong, Tonicashstar089_yahoo_com
Buy 5000000	0.000408 1.11	9/26/2021, 7Tony Truong, Tonicashstar089_yahoo_com
Buy 5000000	0.000479 0.64	9/26/2021, 7Tony Truong, Tonicashstar089_yahoo_com
Sell 5000000	0.000508 1.29	9/26/2021, 7Tony Truong, Tonicashstar089_yahoo_com
Buy 7000000	351.3	352.3	9/26/2021, 7Tony Truong, Tonicashstar089_yahoo_com
A	B	C	D	E	F	G	H	I	J	K
Sell 5000000	0.0004	0.0804 9/26/2021, 7Tony Truong, Tonicashstar089_yahoo_com
Buy 5000000	0.000299 0.000304 9/26/2021, 7Tony Truong, Tonicashstar089_yahoo_com
Sell 5000000	0.156179 0.156179 9/26/2021, 7Tony Truong, Tonicashstar089_yahoo_com
A	B	C	D	E	F	G	H	I	J	K
Buy 2000000	14.72	0.74682 9/26/2021, 7Tony Truong, Tonicashstar089_yahoo_com
Buy 5000000	14.61	42585	9/26/2021, 7Tony Truong, Tonicashstar089_yahoo_com
Sell 1800000	0.000162 1.19	9/26/2021, 7Tony Truong, Tonicashstar089_yahoo_com
A	B	C	D	E	F	G	H	I	J	K
Buy 1000000	0.000506 0.4	9/26/2021, 7Tony Truong, Tonicashstar089_yahoo_com
Buy 3000000	0.000712 1.27	9/26/2021, 7Tony Truong, Tonicashstar089_yahoo_com
Sell 5000000	0.000304 1.08	9/26/2021, 7Tony Truong, Tonicashstar089_yahoo_com
